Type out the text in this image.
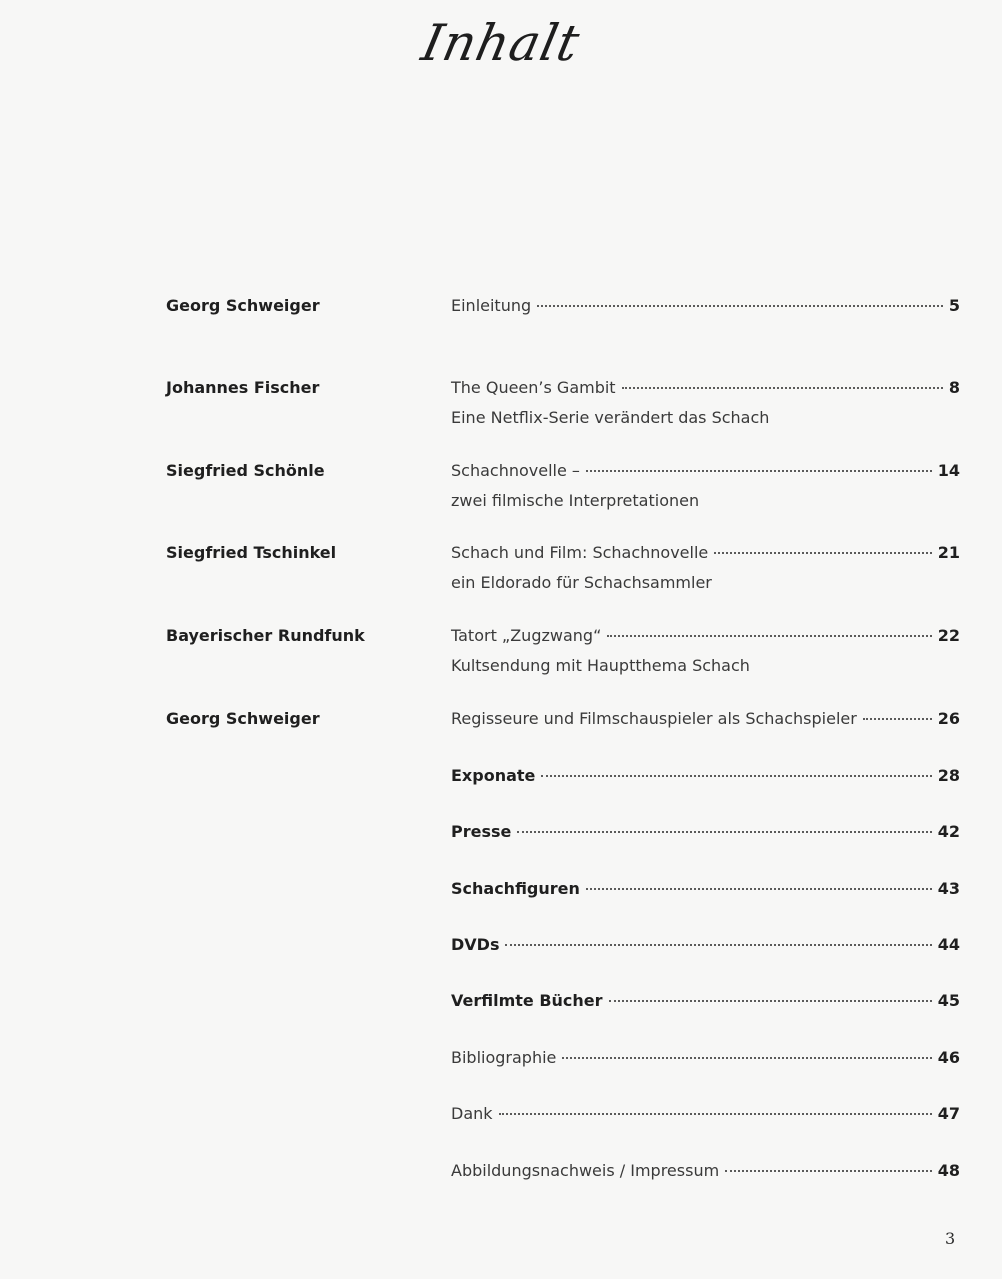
Inhalt
Georg Schweiger	Einleitung	5
Johannes Fischer	The Queen’s Gambit	8
Eine Netflix-Serie verändert das Schach
Siegfried Schönle	Schachnovelle –	14
zwei filmische Interpretationen
Siegfried Tschinkel	Schach und Film: Schachnovelle	21
ein Eldorado für Schachsammler
Bayerischer Rundfunk	Tatort „Zugzwang“	22
Kultsendung mit Hauptthema Schach
Georg Schweiger	Regisseure und Filmschauspieler als Schachspieler	26
Exponate	28
Presse	42
Schachfiguren	43
DVDs	44
Verfilmte Bücher	45
Bibliographie	46
Dank	47
Abbildungsnachweis / Impressum	48
3
